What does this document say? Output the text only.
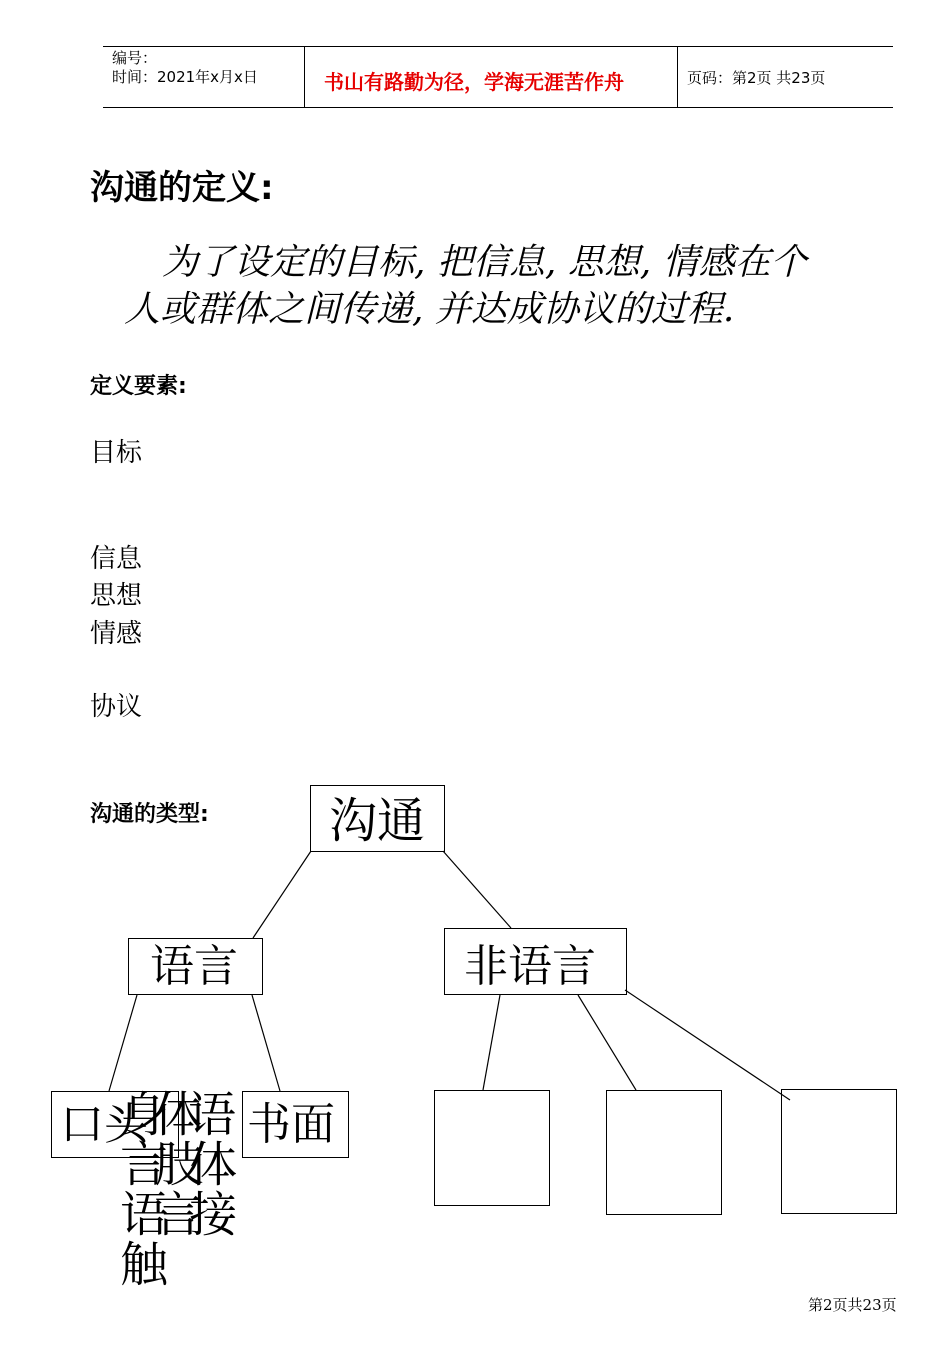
编号：
时间：2021年x月x日	书山有路勤为径，学海无涯苦作舟	页码：第2页 共23页
沟通的定义:
为了设定的目标, 把信息, 思想, 情感在个
人或群体之间传递, 并达成协议的过程.
定义要素:
目标
信息
思想
情感
协议
沟通的类型:	沟通
语言	非语言
口头 书面
身体语言 肢体语言 接触
第2页共23页
